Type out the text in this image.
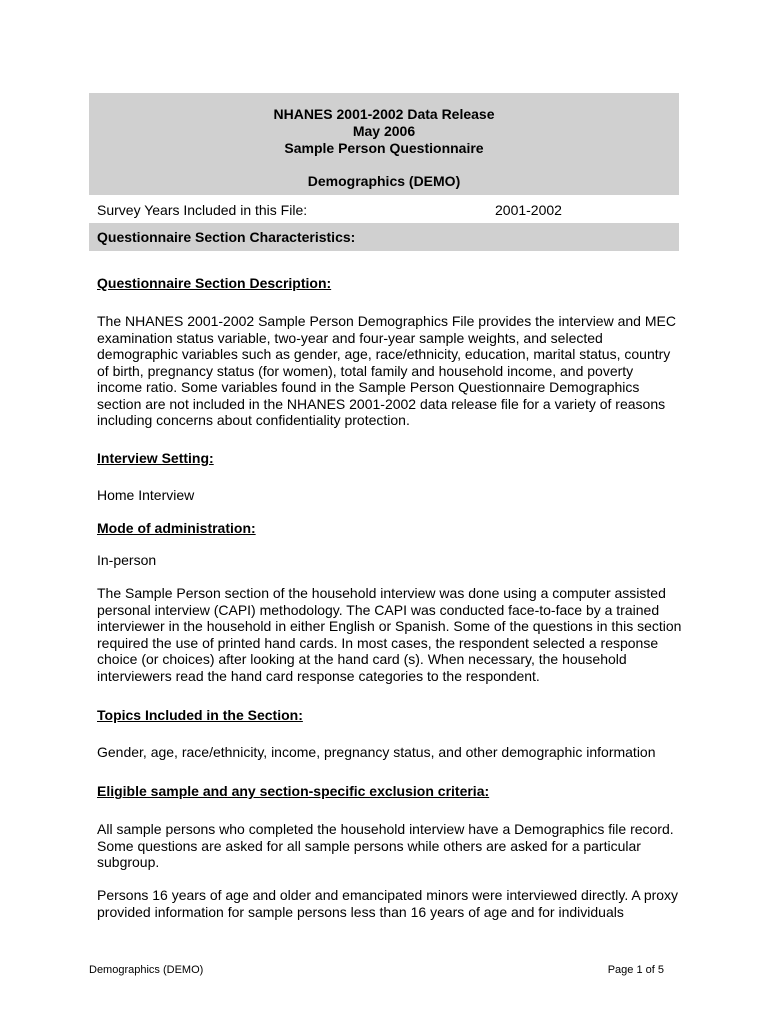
NHANES 2001-2002 Data Release
May 2006
Sample Person Questionnaire
Demographics (DEMO)
Survey Years Included in this File:	2001-2002
Questionnaire Section Characteristics:
Questionnaire Section Description:
The NHANES 2001-2002 Sample Person Demographics File provides the interview and MEC examination status variable, two-year and four-year sample weights, and selected demographic variables such as gender, age, race/ethnicity, education, marital status, country of birth, pregnancy status (for women), total family and household income, and poverty income ratio. Some variables found in the Sample Person Questionnaire Demographics section are not included in the NHANES 2001-2002 data release file for a variety of reasons including concerns about confidentiality protection.
Interview Setting:
Home Interview
Mode of administration:
In-person
The Sample Person section of the household interview was done using a computer assisted personal interview (CAPI) methodology. The CAPI was conducted face-to-face by a trained interviewer in the household in either English or Spanish. Some of the questions in this section required the use of printed hand cards. In most cases, the respondent selected a response choice (or choices) after looking at the hand card (s). When necessary, the household interviewers read the hand card response categories to the respondent.
Topics Included in the Section:
Gender, age, race/ethnicity, income, pregnancy status, and other demographic information
Eligible sample and any section-specific exclusion criteria:
All sample persons who completed the household interview have a Demographics file record. Some questions are asked for all sample persons while others are asked for a particular subgroup.
Persons 16 years of age and older and emancipated minors were interviewed directly. A proxy provided information for sample persons less than 16 years of age and for individuals
Demographics (DEMO)	Page 1 of 5
